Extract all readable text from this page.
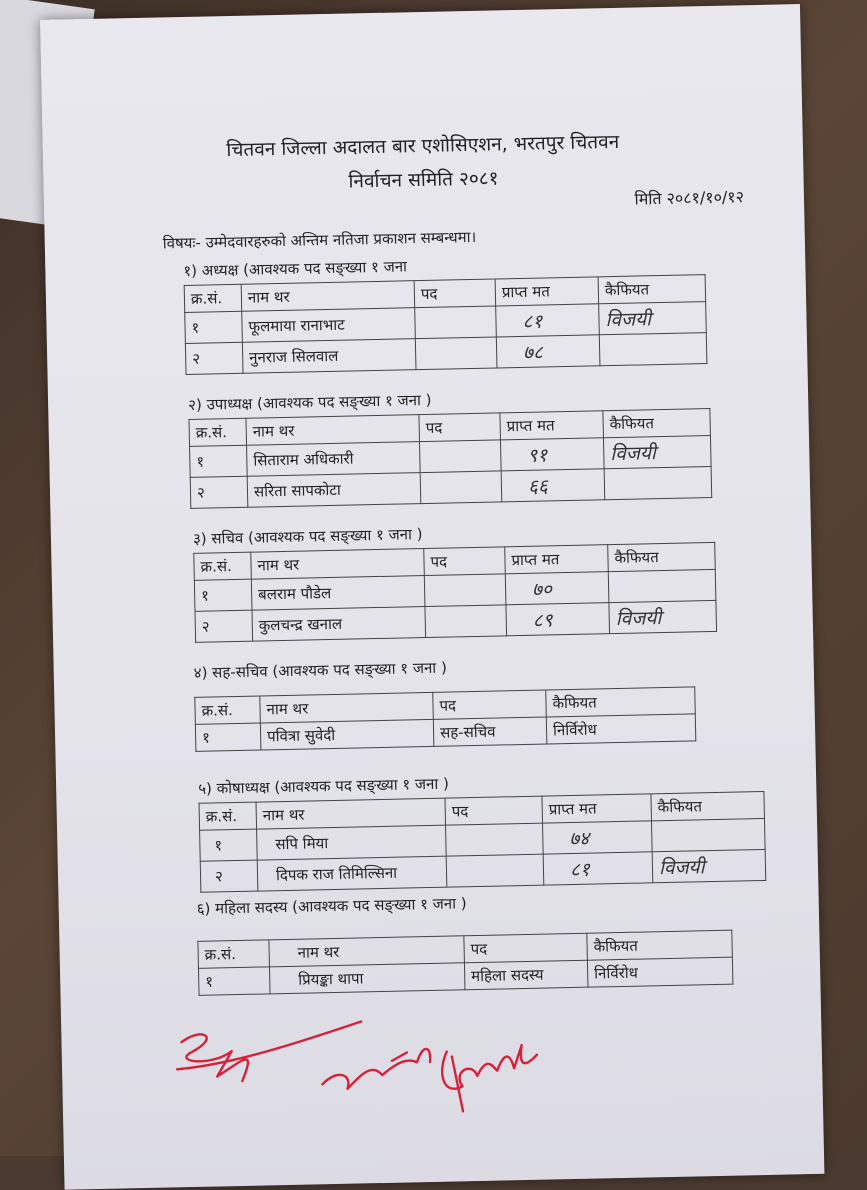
चितवन जिल्ला अदालत बार एशोसिएशन, भरतपुर चितवन
निर्वाचन समिति २०८१
मिति २०८१/१०/१२
विषयः- उम्मेदवारहरुको अन्तिम नतिजा प्रकाशन सम्बन्धमा।
१) अध्यक्ष (आवश्यक पद सङ्ख्या १ जना
क्र.सं.	नाम थर	पद	प्राप्त मत	कैफियत
१	फूलमाया रानाभाट		८१	विजयी
२	नुनराज सिलवाल		७८	
२) उपाध्यक्ष (आवश्यक पद सङ्ख्या १ जना )
क्र.सं.	नाम थर	पद	प्राप्त मत	कैफियत
१	सिताराम अधिकारी		९१	विजयी
२	सरिता सापकोटा		६६	
३) सचिव (आवश्यक पद सङ्ख्या १ जना )
क्र.सं.	नाम थर	पद	प्राप्त मत	कैफियत
१	बलराम पौडेल		७०	
२	कुलचन्द्र खनाल		८९	विजयी
४) सह-सचिव (आवश्यक पद सङ्ख्या १ जना )
क्र.सं.	नाम थर	पद	कैफियत
१	पवित्रा सुवेदी	सह-सचिव	निर्विरोध
५) कोषाध्यक्ष (आवश्यक पद सङ्ख्या १ जना )
क्र.सं.	नाम थर	पद	प्राप्त मत	कैफियत
१	सपि मिया		७४	
२	दिपक राज तिमिल्सिना		८१	विजयी
६) महिला सदस्य (आवश्यक पद सङ्ख्या १ जना )
क्र.सं.	नाम थर	पद	कैफियत
१	प्रियङ्का थापा	महिला सदस्य	निर्विरोध
